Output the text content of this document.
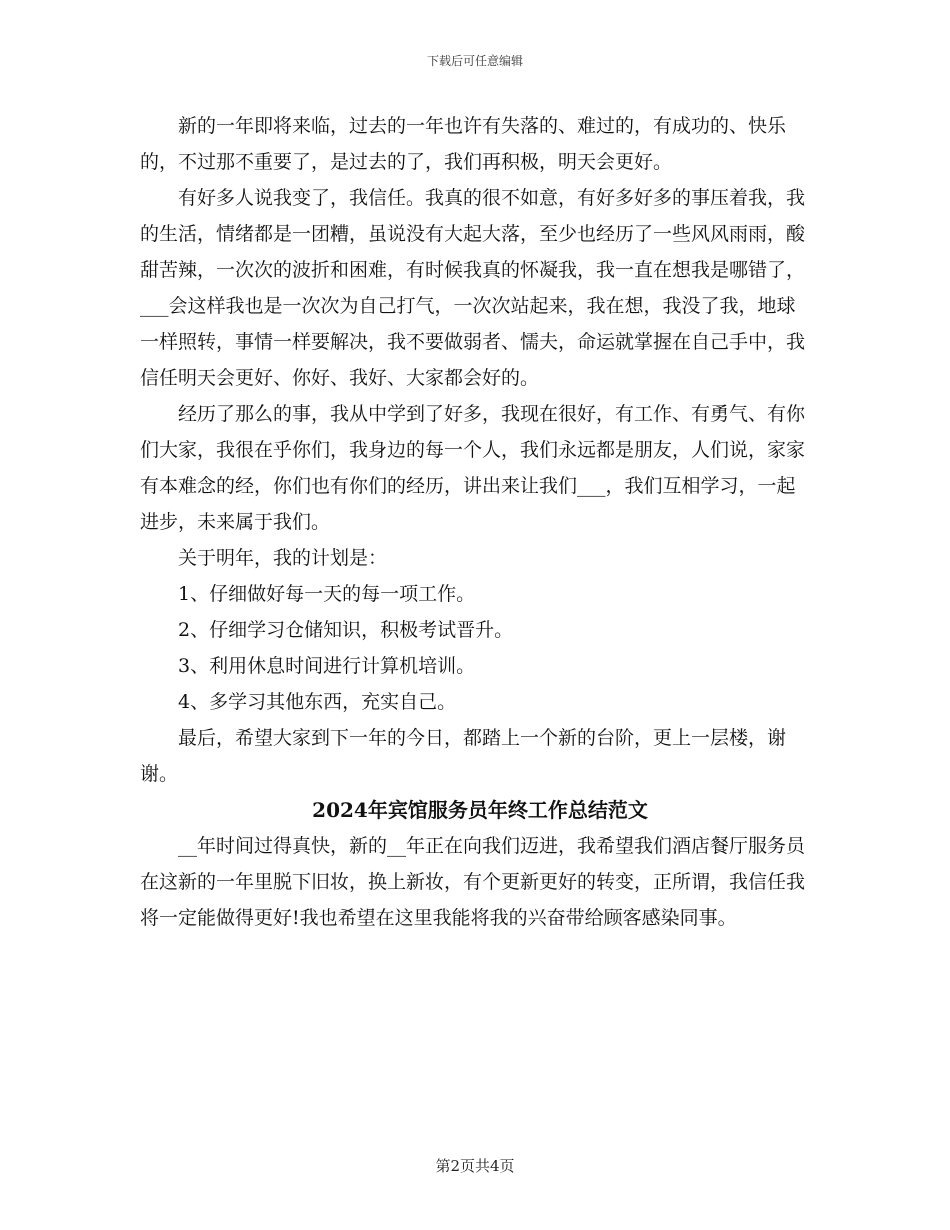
下载后可任意编辑

新的一年即将来临，过去的一年也许有失落的、难过的，有成功的、快乐的，不过那不重要了，是过去的了，我们再积极，明天会更好。

有好多人说我变了，我信任。我真的很不如意，有好多好多的事压着我，我的生活，情绪都是一团糟，虽说没有大起大落，至少也经历了一些风风雨雨，酸甜苦辣，一次次的波折和困难，有时候我真的怀凝我，我一直在想我是哪错了，___会这样我也是一次次为自己打气，一次次站起来，我在想，我没了我，地球一样照转，事情一样要解决，我不要做弱者、懦夫，命运就掌握在自己手中，我信任明天会更好、你好、我好、大家都会好的。

经历了那么的事，我从中学到了好多，我现在很好，有工作、有勇气、有你们大家，我很在乎你们，我身边的每一个人，我们永远都是朋友，人们说，家家有本难念的经，你们也有你们的经历，讲出来让我们___，我们互相学习，一起进步，未来属于我们。

关于明年，我的计划是：

1、仔细做好每一天的每一项工作。

2、仔细学习仓储知识，积极考试晋升。

3、利用休息时间进行计算机培训。

4、多学习其他东西，充实自己。

最后，希望大家到下一年的今日，都踏上一个新的台阶，更上一层楼，谢谢。

2024年宾馆服务员年终工作总结范文

__年时间过得真快，新的__年正在向我们迈进，我希望我们酒店餐厅服务员在这新的一年里脱下旧妆，换上新妆，有个更新更好的转变，正所谓，我信任我将一定能做得更好!我也希望在这里我能将我的兴奋带给顾客感染同事。

第2页共4页
